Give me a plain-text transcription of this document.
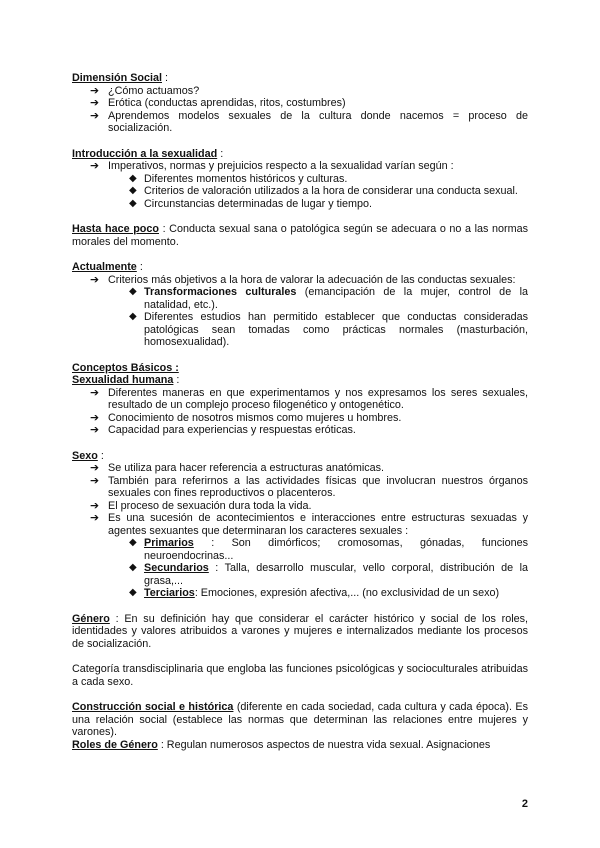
Dimensión Social :
➔ ¿Cómo actuamos?
➔ Erótica (conductas aprendidas, ritos, costumbres)
➔ Aprendemos modelos sexuales de la cultura donde nacemos = proceso de socialización.
Introducción a la sexualidad :
➔ Imperativos, normas y prejuicios respecto a la sexualidad varían según :
◆ Diferentes momentos históricos y culturas.
◆ Criterios de valoración utilizados a la hora de considerar una conducta sexual.
◆ Circunstancias determinadas de lugar y tiempo.
Hasta hace poco : Conducta sexual sana o patológica según se adecuara o no a las normas morales del momento.
Actualmente :
➔ Criterios más objetivos a la hora de valorar la adecuación de las conductas sexuales:
◆ Transformaciones culturales (emancipación de la mujer, control de la natalidad, etc.).
◆ Diferentes estudios han permitido establecer que conductas consideradas patológicas sean tomadas como prácticas normales (masturbación, homosexualidad).
Conceptos Básicos :
Sexualidad humana :
➔ Diferentes maneras en que experimentamos y nos expresamos los seres sexuales, resultado de un complejo proceso filogenético y ontogenético.
➔ Conocimiento de nosotros mismos como mujeres u hombres.
➔ Capacidad para experiencias y respuestas eróticas.
Sexo :
➔ Se utiliza para hacer referencia a estructuras anatómicas.
➔ También para referirnos a las actividades físicas que involucran nuestros órganos sexuales con fines reproductivos o placenteros.
➔ El proceso de sexuación dura toda la vida.
➔ Es una sucesión de acontecimientos e interacciones entre estructuras sexuadas y agentes sexuantes que determinaran los caracteres sexuales :
◆ Primarios : Son dimórficos; cromosomas, gónadas, funciones neuroendocrinas...
◆ Secundarios : Talla, desarrollo muscular, vello corporal, distribución de la grasa,...
◆ Terciarios: Emociones, expresión afectiva,... (no exclusividad de un sexo)
Género : En su definición hay que considerar el carácter histórico y social de los roles, identidades y valores atribuidos a varones y mujeres e internalizados mediante los procesos de socialización.
Categoría transdisciplinaria que engloba las funciones psicológicas y socioculturales atribuidas a cada sexo.
Construcción social e histórica (diferente en cada sociedad, cada cultura y cada época). Es una relación social (establece las normas que determinan las relaciones entre mujeres y varones).
Roles de Género : Regulan numerosos aspectos de nuestra vida sexual. Asignaciones
2
